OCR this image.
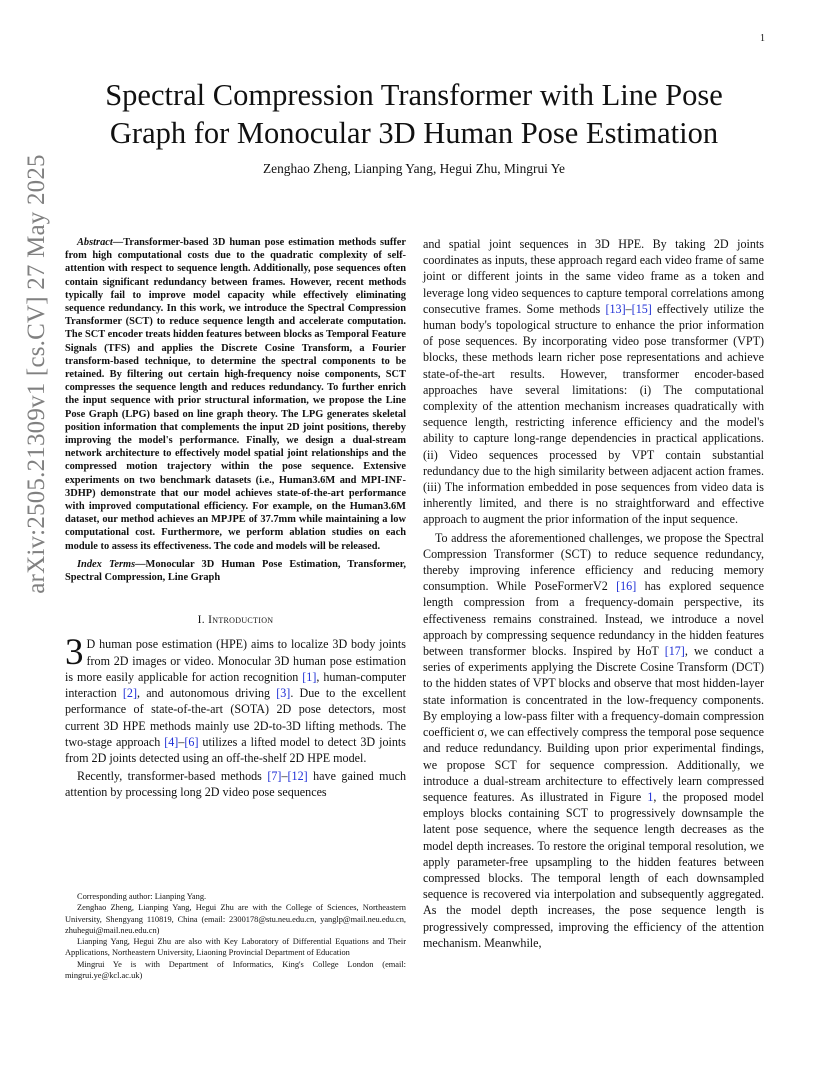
1
arXiv:2505.21309v1 [cs.CV] 27 May 2025
Spectral Compression Transformer with Line Pose
Graph for Monocular 3D Human Pose Estimation
Zenghao Zheng, Lianping Yang, Hegui Zhu, Mingrui Ye

Abstract—Transformer-based 3D human pose estimation methods suffer from high computational costs due to the quadratic complexity of self-attention with respect to sequence length. Additionally, pose sequences often contain significant redundancy between frames. However, recent methods typically fail to improve model capacity while effectively eliminating sequence redundancy. In this work, we introduce the Spectral Compression Transformer (SCT) to reduce sequence length and accelerate computation. The SCT encoder treats hidden features between blocks as Temporal Feature Signals (TFS) and applies the Discrete Cosine Transform, a Fourier transform-based technique, to determine the spectral components to be retained. By filtering out certain high-frequency noise components, SCT compresses the sequence length and reduces redundancy. To further enrich the input sequence with prior structural information, we propose the Line Pose Graph (LPG) based on line graph theory. The LPG generates skeletal position information that complements the input 2D joint positions, thereby improving the model's performance. Finally, we design a dual-stream network architecture to effectively model spatial joint relationships and the compressed motion trajectory within the pose sequence. Extensive experiments on two benchmark datasets (i.e., Human3.6M and MPI-INF-3DHP) demonstrate that our model achieves state-of-the-art performance with improved computational efficiency. For example, on the Human3.6M dataset, our method achieves an MPJPE of 37.7mm while maintaining a low computational cost. Furthermore, we perform ablation studies on each module to assess its effectiveness. The code and models will be released.

Index Terms—Monocular 3D Human Pose Estimation, Transformer, Spectral Compression, Line Graph

I. Introduction

3 D human pose estimation (HPE) aims to localize 3D body joints from 2D images or video. Monocular 3D human pose estimation is more easily applicable for action recognition [1], human-computer interaction [2], and autonomous driving [3]. Due to the excellent performance of state-of-the-art (SOTA) 2D pose detectors, most current 3D HPE methods mainly use 2D-to-3D lifting methods. The two-stage approach [4]–[6] utilizes a lifted model to detect 3D joints from 2D joints detected using an off-the-shelf 2D HPE model.

Recently, transformer-based methods [7]–[12] have gained much attention by processing long 2D video pose sequences

Corresponding author: Lianping Yang.

Zenghao Zheng, Lianping Yang, Hegui Zhu are with the College of Sciences, Northeastern University, Shengyang 110819, China (email: 2300178@stu.neu.edu.cn, yanglp@mail.neu.edu.cn, zhuhegui@mail.neu.edu.cn)

Lianping Yang, Hegui Zhu are also with Key Laboratory of Differential Equations and Their Applications, Northeastern University, Liaoning Provincial Department of Education

Mingrui Ye is with Department of Informatics, King's College London (email: mingrui.ye@kcl.ac.uk)

and spatial joint sequences in 3D HPE. By taking 2D joints coordinates as inputs, these approach regard each video frame of same joint or different joints in the same video frame as a token and leverage long video sequences to capture temporal correlations among consecutive frames. Some methods [13]–[15] effectively utilize the human body's topological structure to enhance the prior information of pose sequences. By incorporating video pose transformer (VPT) blocks, these methods learn richer pose representations and achieve state-of-the-art results. However, transformer encoder-based approaches have several limitations: (i) The computational complexity of the attention mechanism increases quadratically with sequence length, restricting inference efficiency and the model's ability to capture long-range dependencies in practical applications. (ii) Video sequences processed by VPT contain substantial redundancy due to the high similarity between adjacent action frames. (iii) The information embedded in pose sequences from video data is inherently limited, and there is no straightforward and effective approach to augment the prior information of the input sequence.

To address the aforementioned challenges, we propose the Spectral Compression Transformer (SCT) to reduce sequence redundancy, thereby improving inference efficiency and reducing memory consumption. While PoseFormerV2 [16] has explored sequence length compression from a frequency-domain perspective, its effectiveness remains constrained. Instead, we introduce a novel approach by compressing sequence redundancy in the hidden features between transformer blocks. Inspired by HoT [17], we conduct a series of experiments applying the Discrete Cosine Transform (DCT) to the hidden states of VPT blocks and observe that most hidden-layer state information is concentrated in the low-frequency components. By employing a low-pass filter with a frequency-domain compression coefficient σ, we can effectively compress the temporal pose sequence and reduce redundancy. Building upon prior experimental findings, we propose SCT for sequence compression. Additionally, we introduce a dual-stream architecture to effectively learn compressed sequence features. As illustrated in Figure 1, the proposed model employs blocks containing SCT to progressively downsample the latent pose sequence, where the sequence length decreases as the model depth increases. To restore the original temporal resolution, we apply parameter-free upsampling to the hidden features between compressed blocks. The temporal length of each downsampled sequence is recovered via interpolation and subsequently aggregated. As the model depth increases, the pose sequence length is progressively compressed, improving the efficiency of the attention mechanism. Meanwhile,
